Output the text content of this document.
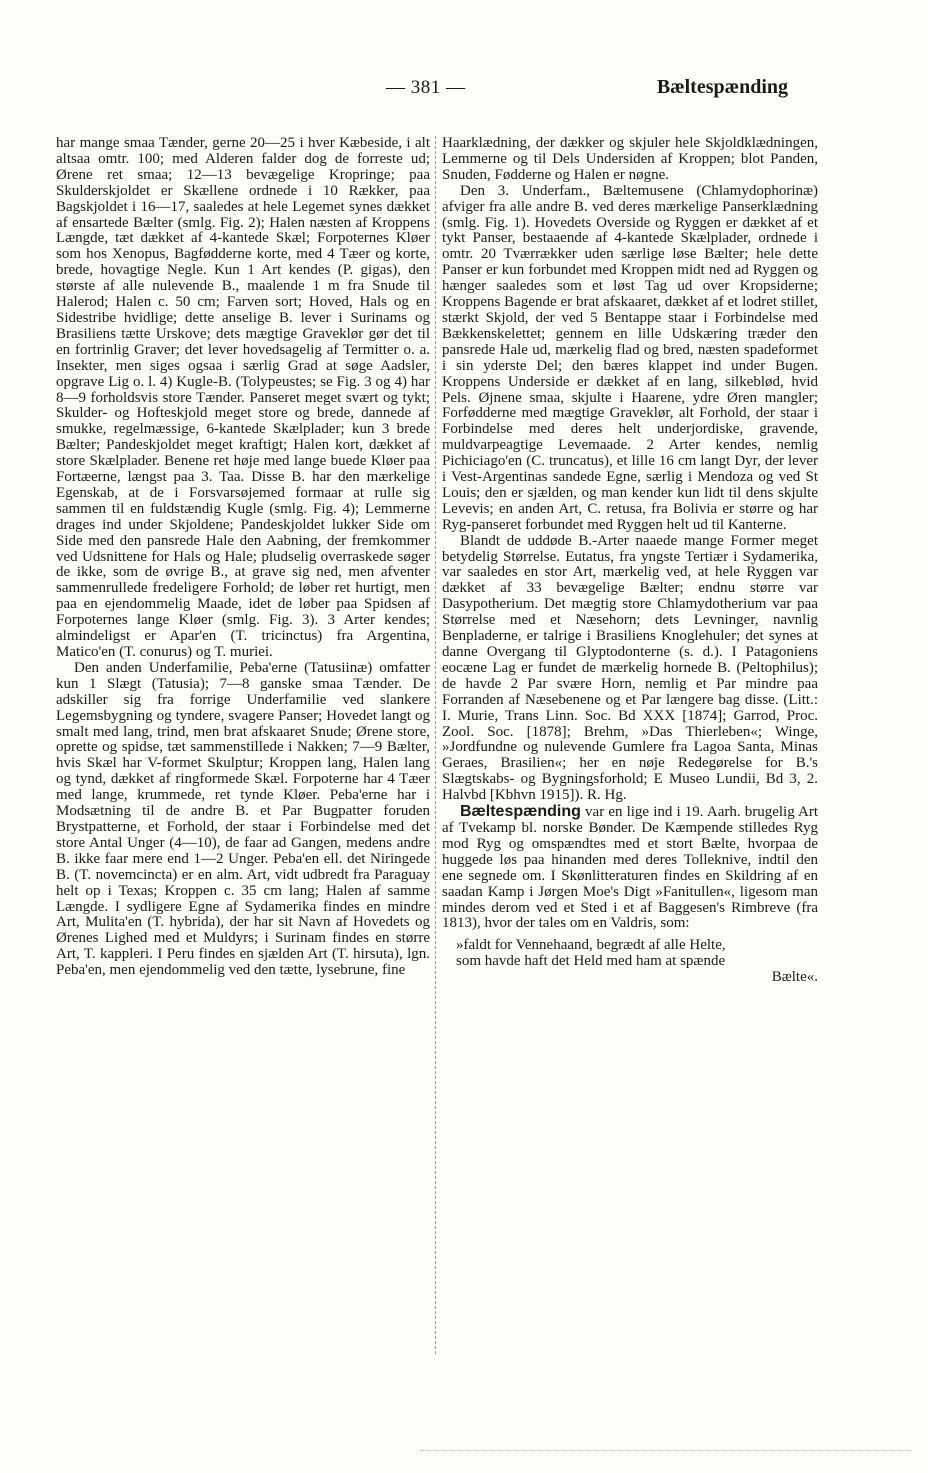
— 381 —	Bæltespænding

har mange smaa Tænder, gerne 20—25 i hver Kæbeside, i alt altsaa omtr. 100; med Alderen falder dog de forreste ud; Ørene ret smaa; 12—13 bevægelige Kropringe; paa Skulderskjoldet er Skællene ordnede i 10 Rækker, paa Bagskjoldet i 16—17, saaledes at hele Legemet synes dækket af ensartede Bælter (smlg. Fig. 2); Halen næsten af Kroppens Længde, tæt dækket af 4-kantede Skæl; Forpoternes Kløer som hos Xenopus, Bagfødderne korte, med 4 Tæer og korte, brede, hovagtige Negle. Kun 1 Art kendes (P. gigas), den største af alle nulevende B., maalende 1 m fra Snude til Halerod; Halen c. 50 cm; Farven sort; Hoved, Hals og en Sidestribe hvidlige; dette anselige B. lever i Surinams og Brasiliens tætte Urskove; dets mægtige Graveklør gør det til en fortrinlig Graver; det lever hovedsagelig af Termitter o. a. Insekter, men siges ogsaa i særlig Grad at søge Aadsler, opgrave Lig o. l. 4) Kugle-B. (Tolypeustes; se Fig. 3 og 4) har 8—9 forholdsvis store Tænder. Panseret meget svært og tykt; Skulder- og Hofteskjold meget store og brede, dannede af smukke, regelmæssige, 6-kantede Skælplader; kun 3 brede Bælter; Pandeskjoldet meget kraftigt; Halen kort, dækket af store Skælplader. Benene ret høje med lange buede Kløer paa Fortæerne, længst paa 3. Taa. Disse B. har den mærkelige Egenskab, at de i Forsvarsøjemed formaar at rulle sig sammen til en fuldstændig Kugle (smlg. Fig. 4); Lemmerne drages ind under Skjoldene; Pandeskjoldet lukker Side om Side med den pansrede Hale den Aabning, der fremkommer ved Udsnittene for Hals og Hale; pludselig overraskede søger de ikke, som de øvrige B., at grave sig ned, men afventer sammenrullede fredeligere Forhold; de løber ret hurtigt, men paa en ejendommelig Maade, idet de løber paa Spidsen af Forpoternes lange Kløer (smlg. Fig. 3). 3 Arter kendes; almindeligst er Apar'en (T. tricinctus) fra Argentina, Matico'en (T. conurus) og T. muriei.

Den anden Underfamilie, Peba'erne (Tatusiinæ) omfatter kun 1 Slægt (Tatusia); 7—8 ganske smaa Tænder. De adskiller sig fra forrige Underfamilie ved slankere Legemsbygning og tyndere, svagere Panser; Hovedet langt og smalt med lang, trind, men brat afskaaret Snude; Ørene store, oprette og spidse, tæt sammenstillede i Nakken; 7—9 Bælter, hvis Skæl har V-formet Skulptur; Kroppen lang, Halen lang og tynd, dækket af ringformede Skæl. Forpoterne har 4 Tæer med lange, krummede, ret tynde Kløer. Peba'erne har i Modsætning til de andre B. et Par Bugpatter foruden Brystpatterne, et Forhold, der staar i Forbindelse med det store Antal Unger (4—10), de faar ad Gangen, medens andre B. ikke faar mere end 1—2 Unger. Peba'en ell. det Niringede B. (T. novemcincta) er en alm. Art, vidt udbredt fra Paraguay helt op i Texas; Kroppen c. 35 cm lang; Halen af samme Længde. I sydligere Egne af Sydamerika findes en mindre Art, Mulita'en (T. hybrida), der har sit Navn af Hovedets og Ørenes Lighed med et Muldyrs; i Surinam findes en større Art, T. kappleri. I Peru findes en sjælden Art (T. hirsuta), lgn. Peba'en, men ejendommelig ved den tætte, lysebrune, fine

Haarklædning, der dækker og skjuler hele Skjoldklædningen, Lemmerne og til Dels Undersiden af Kroppen; blot Panden, Snuden, Fødderne og Halen er nøgne.

Den 3. Underfam., Bæltemusene (Chlamydophorinæ) afviger fra alle andre B. ved deres mærkelige Panserklædning (smlg. Fig. 1). Hovedets Overside og Ryggen er dækket af et tykt Panser, bestaaende af 4-kantede Skælplader, ordnede i omtr. 20 Tværrækker uden særlige løse Bælter; hele dette Panser er kun forbundet med Kroppen midt ned ad Ryggen og hænger saaledes som et løst Tag ud over Kropsiderne; Kroppens Bagende er brat afskaaret, dækket af et lodret stillet, stærkt Skjold, der ved 5 Bentappe staar i Forbindelse med Bækkenskelettet; gennem en lille Udskæring træder den pansrede Hale ud, mærkelig flad og bred, næsten spadeformet i sin yderste Del; den bæres klappet ind under Bugen. Kroppens Underside er dækket af en lang, silkeblød, hvid Pels. Øjnene smaa, skjulte i Haarene, ydre Øren mangler; Forfødderne med mægtige Graveklør, alt Forhold, der staar i Forbindelse med deres helt underjordiske, gravende, muldvarpeagtige Levemaade. 2 Arter kendes, nemlig Pichiciago'en (C. truncatus), et lille 16 cm langt Dyr, der lever i Vest-Argentinas sandede Egne, særlig i Mendoza og ved St Louis; den er sjælden, og man kender kun lidt til dens skjulte Levevis; en anden Art, C. retusa, fra Bolivia er større og har Ryg-panseret forbundet med Ryggen helt ud til Kanterne.

Blandt de uddøde B.-Arter naaede mange Former meget betydelig Størrelse. Eutatus, fra yngste Tertiær i Sydamerika, var saaledes en stor Art, mærkelig ved, at hele Ryggen var dækket af 33 bevægelige Bælter; endnu større var Dasypotherium. Det mægtig store Chlamydotherium var paa Størrelse med et Næsehorn; dets Levninger, navnlig Benpladerne, er talrige i Brasiliens Knoglehuler; det synes at danne Overgang til Glyptodonterne (s. d.). I Patagoniens eocæne Lag er fundet de mærkelig hornede B. (Peltophilus); de havde 2 Par svære Horn, nemlig et Par mindre paa Forranden af Næsebenene og et Par længere bag disse. (Litt.: I. Murie, Trans Linn. Soc. Bd XXX [1874]; Garrod, Proc. Zool. Soc. [1878]; Brehm, »Das Thierleben«; Winge, »Jordfundne og nulevende Gumlere fra Lagoa Santa, Minas Geraes, Brasilien«; her en nøje Redegørelse for B.'s Slægtskabs- og Bygningsforhold; E Museo Lundii, Bd 3, 2. Halvbd [Kbhvn 1915]). R. Hg.

Bæltespænding var en lige ind i 19. Aarh. brugelig Art af Tvekamp bl. norske Bønder. De Kæmpende stilledes Ryg mod Ryg og omspændtes med et stort Bælte, hvorpaa de huggede løs paa hinanden med deres Tolleknive, indtil den ene segnede om. I Skønlitteraturen findes en Skildring af en saadan Kamp i Jørgen Moe's Digt »Fanitullen«, ligesom man mindes derom ved et Sted i et af Baggesen's Rimbreve (fra 1813), hvor der tales om en Valdris, som:

»faldt for Vennehaand, begrædt af alle Helte,

som havde haft det Held med ham at spænde

Bælte«.
